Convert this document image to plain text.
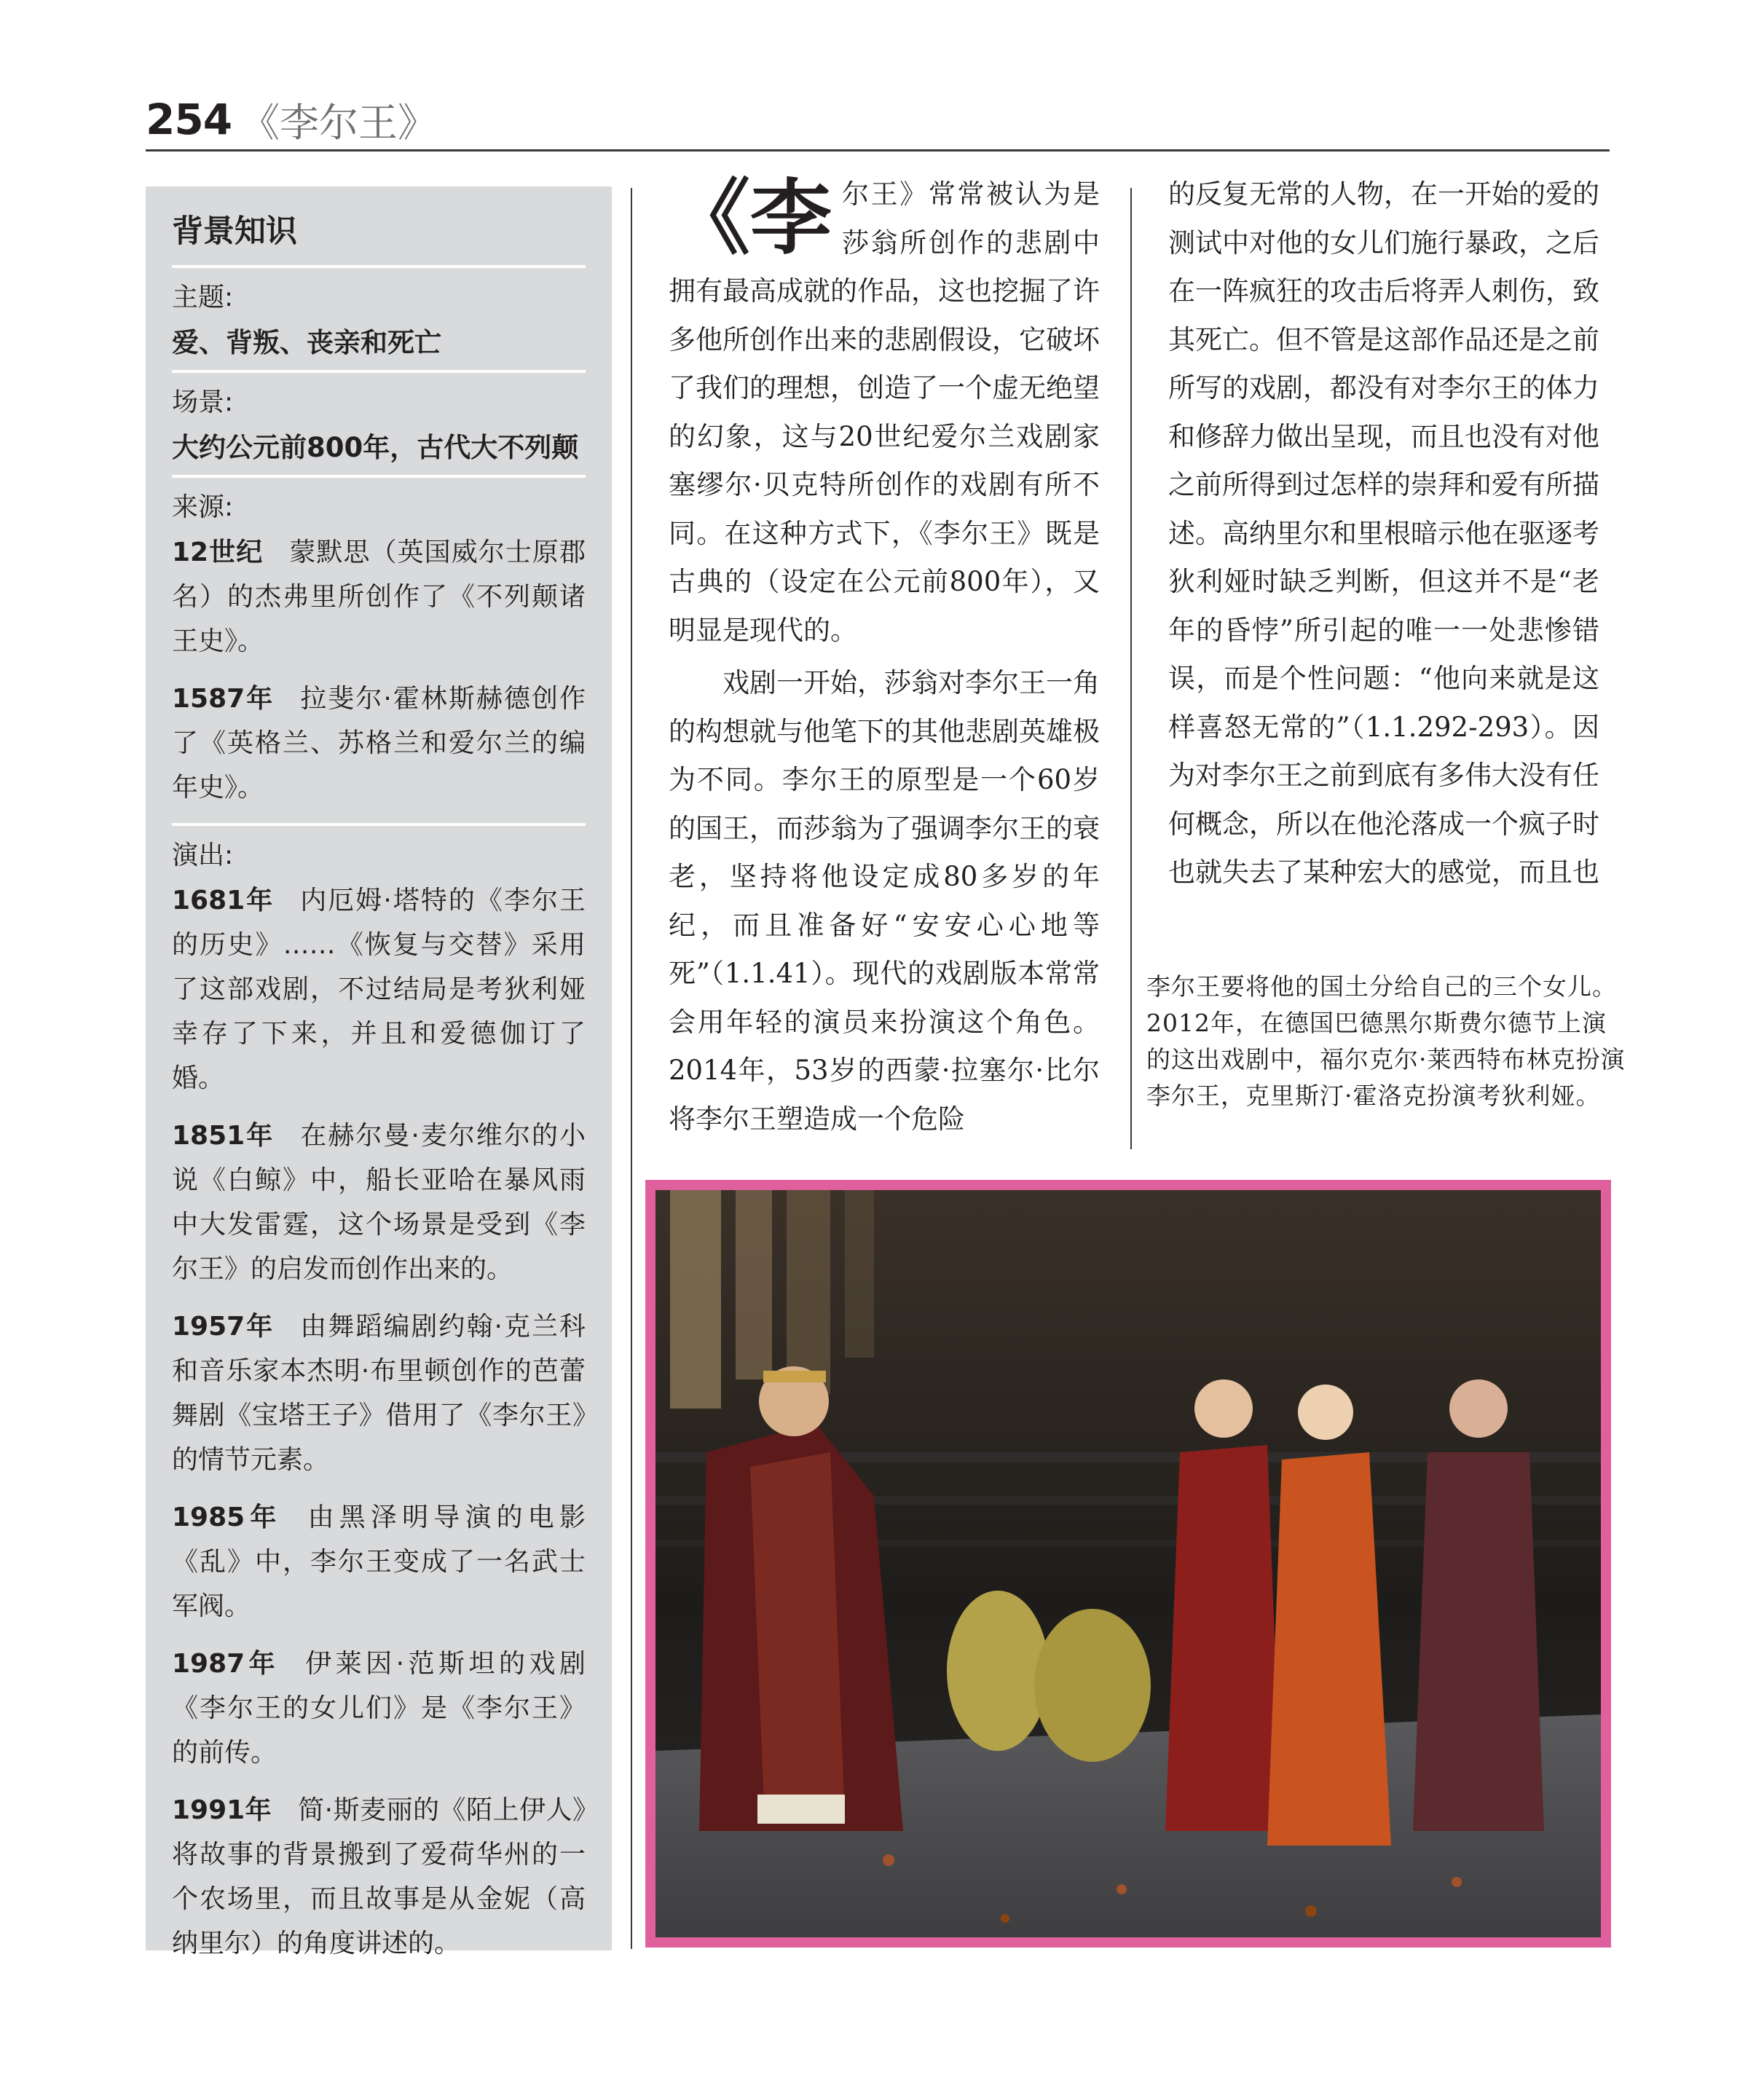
254 《李尔王》
背景知识
主题:
爱、背叛、丧亲和死亡
场景:
大约公元前800年，古代大不列颠
来源:
12世纪 蒙默思（英国威尔士原郡名）的杰弗里所创作了《不列颠诸王史》。
1587年 拉斐尔·霍林斯赫德创作了《英格兰、苏格兰和爱尔兰的编年史》。
演出:
1681年 内厄姆·塔特的《李尔王的历史》……《恢复与交替》采用了这部戏剧，不过结局是考狄利娅幸存了下来，并且和爱德伽订了婚。
1851年 在赫尔曼·麦尔维尔的小说《白鲸》中，船长亚哈在暴风雨中大发雷霆，这个场景是受到《李尔王》的启发而创作出来的。
1957年 由舞蹈编剧约翰·克兰科和音乐家本杰明·布里顿创作的芭蕾舞剧《宝塔王子》借用了《李尔王》的情节元素。
1985年 由黑泽明导演的电影《乱》中，李尔王变成了一名武士军阀。
1987年 伊莱因·范斯坦的戏剧《李尔王的女儿们》是《李尔王》的前传。
1991年 简·斯麦丽的《陌上伊人》将故事的背景搬到了爱荷华州的一个农场里，而且故事是从金妮（高纳里尔）的角度讲述的。

《李尔王》常常被认为是莎翁所创作的悲剧中拥有最高成就的作品，这也挖掘了许多他所创作出来的悲剧假设，它破坏了我们的理想，创造了一个虚无绝望的幻象，这与20世纪爱尔兰戏剧家塞缪尔·贝克特所创作的戏剧有所不同。在这种方式下，《李尔王》既是古典的（设定在公元前800年），又明显是现代的。

戏剧一开始，莎翁对李尔王一角的构想就与他笔下的其他悲剧英雄极为不同。李尔王的原型是一个60岁的国王，而莎翁为了强调李尔王的衰老，坚持将他设定成80多岁的年纪，而且准备好“安安心心地等死”（1.1.41）。现代的戏剧版本常常会用年轻的演员来扮演这个角色。2014年，53岁的西蒙·拉塞尔·比尔将李尔王塑造成一个危险

的反复无常的人物，在一开始的爱的测试中对他的女儿们施行暴政，之后在一阵疯狂的攻击后将弄人刺伤，致其死亡。但不管是这部作品还是之前所写的戏剧，都没有对李尔王的体力和修辞力做出呈现，而且也没有对他之前所得到过怎样的崇拜和爱有所描述。高纳里尔和里根暗示他在驱逐考狄利娅时缺乏判断，但这并不是“老年的昏悖”所引起的唯一一处悲惨错误，而是个性问题：“他向来就是这样喜怒无常的”（1.1.292-293）。因为对李尔王之前到底有多伟大没有任何概念，所以在他沦落成一个疯子时也就失去了某种宏大的感觉，而且也

李尔王要将他的国土分给自己的三个女儿。2012年，在德国巴德黑尔斯费尔德节上演的这出戏剧中，福尔克尔·莱西特布林克扮演李尔王，克里斯汀·霍洛克扮演考狄利娅。
